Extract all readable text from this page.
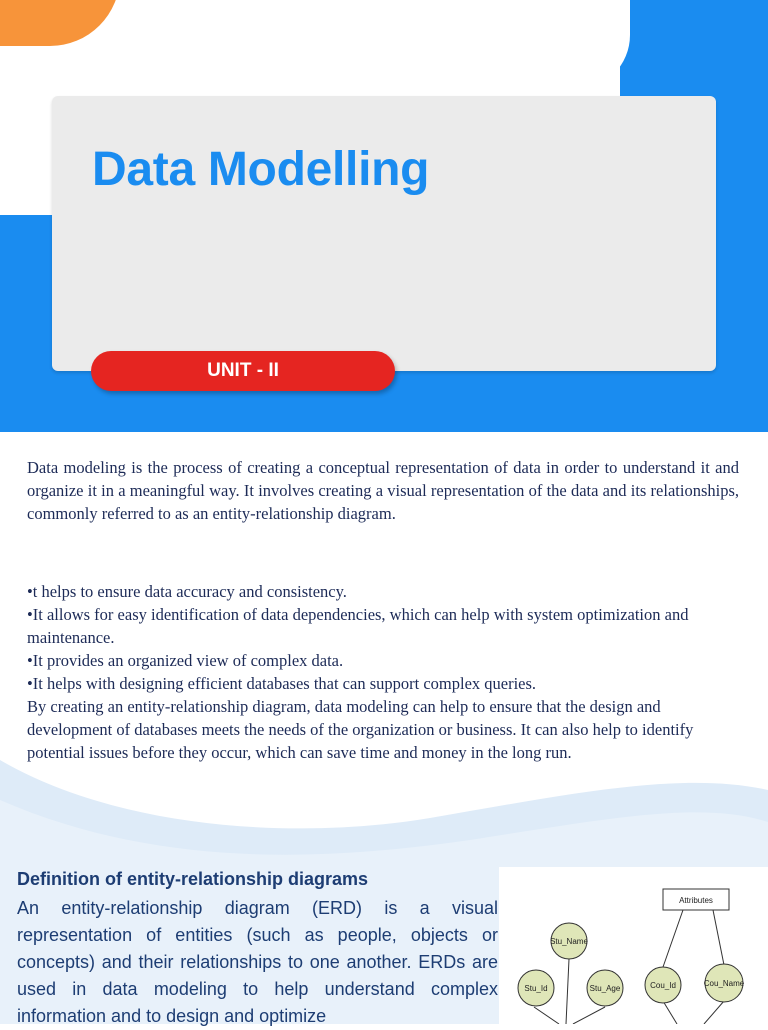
Data Modelling
UNIT - II

Data modeling is the process of creating a conceptual representation of data in order to understand it and organize it in a meaningful way. It involves creating a visual representation of the data and its relationships, commonly referred to as an entity-relationship diagram.

•t helps to ensure data accuracy and consistency.
•It allows for easy identification of data dependencies, which can help with system optimization and maintenance.
•It provides an organized view of complex data.
•It helps with designing efficient databases that can support complex queries.

By creating an entity-relationship diagram, data modeling can help to ensure that the design and development of databases meets the needs of the organization or business. It can also help to identify potential issues before they occur, which can save time and money in the long run.

Definition of entity-relationship diagrams

An entity-relationship diagram (ERD) is a visual representation of entities (such as people, objects or concepts) and their relationships to one another. ERDs are used in data modeling to help understand complex information and to design and optimize

Attributes
Stu_Name
Stu_Id	Stu_Age	Cou_Id	Cou_Name
